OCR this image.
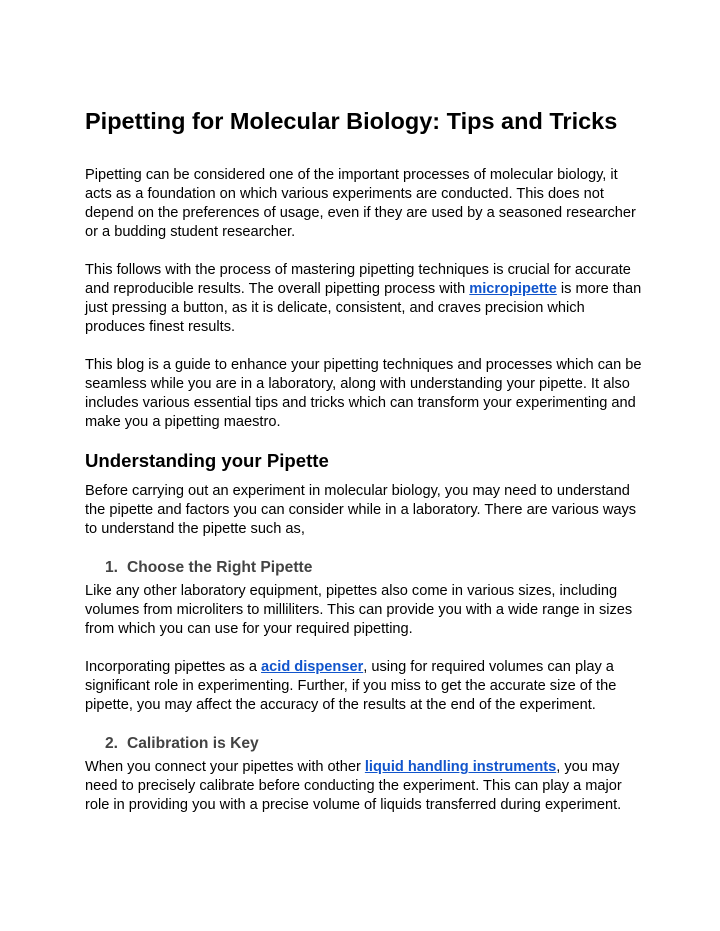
Pipetting for Molecular Biology: Tips and Tricks

Pipetting can be considered one of the important processes of molecular biology, it acts as a foundation on which various experiments are conducted. This does not depend on the preferences of usage, even if they are used by a seasoned researcher or a budding student researcher.

This follows with the process of mastering pipetting techniques is crucial for accurate and reproducible results. The overall pipetting process with micropipette is more than just pressing a button, as it is delicate, consistent, and craves precision which produces finest results.

This blog is a guide to enhance your pipetting techniques and processes which can be seamless while you are in a laboratory, along with understanding your pipette. It also includes various essential tips and tricks which can transform your experimenting and make you a pipetting maestro.

Understanding your Pipette

Before carrying out an experiment in molecular biology, you may need to understand the pipette and factors you can consider while in a laboratory. There are various ways to understand the pipette such as,

1. Choose the Right Pipette

Like any other laboratory equipment, pipettes also come in various sizes, including volumes from microliters to milliliters. This can provide you with a wide range in sizes from which you can use for your required pipetting.

Incorporating pipettes as a acid dispenser, using for required volumes can play a significant role in experimenting. Further, if you miss to get the accurate size of the pipette, you may affect the accuracy of the results at the end of the experiment.

2. Calibration is Key

When you connect your pipettes with other liquid handling instruments, you may need to precisely calibrate before conducting the experiment. This can play a major role in providing you with a precise volume of liquids transferred during experiment.
